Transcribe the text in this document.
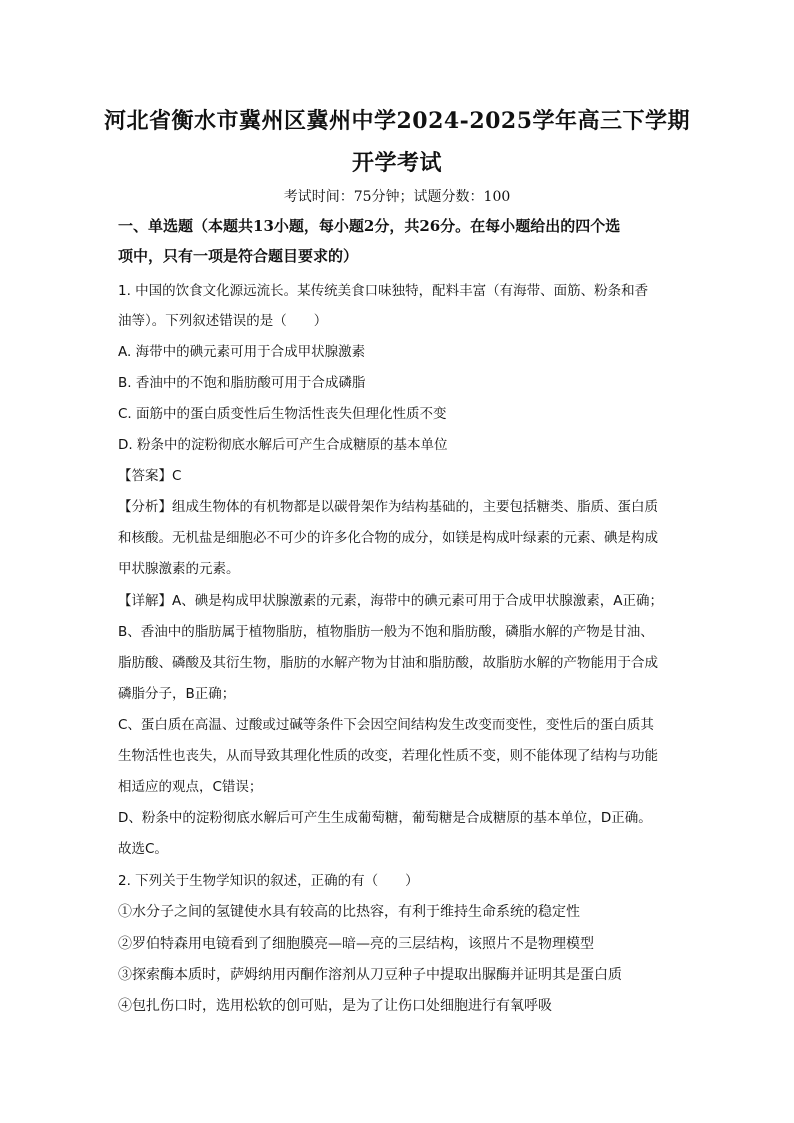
河北省衡水市冀州区冀州中学2024-2025学年高三下学期
开学考试
考试时间：75分钟；试题分数：100
一、单选题（本题共13小题，每小题2分，共26分。在每小题给出的四个选
项中，只有一项是符合题目要求的）
1. 中国的饮食文化源远流长。某传统美食口味独特，配料丰富（有海带、面筋、粉条和香
油等）。下列叙述错误的是（　　）
A. 海带中的碘元素可用于合成甲状腺激素
B. 香油中的不饱和脂肪酸可用于合成磷脂
C. 面筋中的蛋白质变性后生物活性丧失但理化性质不变
D. 粉条中的淀粉彻底水解后可产生合成糖原的基本单位
【答案】C
【分析】组成生物体的有机物都是以碳骨架作为结构基础的，主要包括糖类、脂质、蛋白质
和核酸。无机盐是细胞必不可少的许多化合物的成分，如镁是构成叶绿素的元素、碘是构成
甲状腺激素的元素。
【详解】A、碘是构成甲状腺激素的元素，海带中的碘元素可用于合成甲状腺激素，A正确；
B、香油中的脂肪属于植物脂肪，植物脂肪一般为不饱和脂肪酸，磷脂水解的产物是甘油、
脂肪酸、磷酸及其衍生物，脂肪的水解产物为甘油和脂肪酸，故脂肪水解的产物能用于合成
磷脂分子，B正确；
C、蛋白质在高温、过酸或过碱等条件下会因空间结构发生改变而变性，变性后的蛋白质其
生物活性也丧失，从而导致其理化性质的改变，若理化性质不变，则不能体现了结构与功能
相适应的观点，C错误；
D、粉条中的淀粉彻底水解后可产生生成葡萄糖，葡萄糖是合成糖原的基本单位，D正确。
故选C。
2. 下列关于生物学知识的叙述，正确的有（　　）
①水分子之间的氢键使水具有较高的比热容，有利于维持生命系统的稳定性
②罗伯特森用电镜看到了细胞膜亮—暗—亮的三层结构，该照片不是物理模型
③探索酶本质时，萨姆纳用丙酮作溶剂从刀豆种子中提取出脲酶并证明其是蛋白质
④包扎伤口时，选用松软的创可贴，是为了让伤口处细胞进行有氧呼吸
